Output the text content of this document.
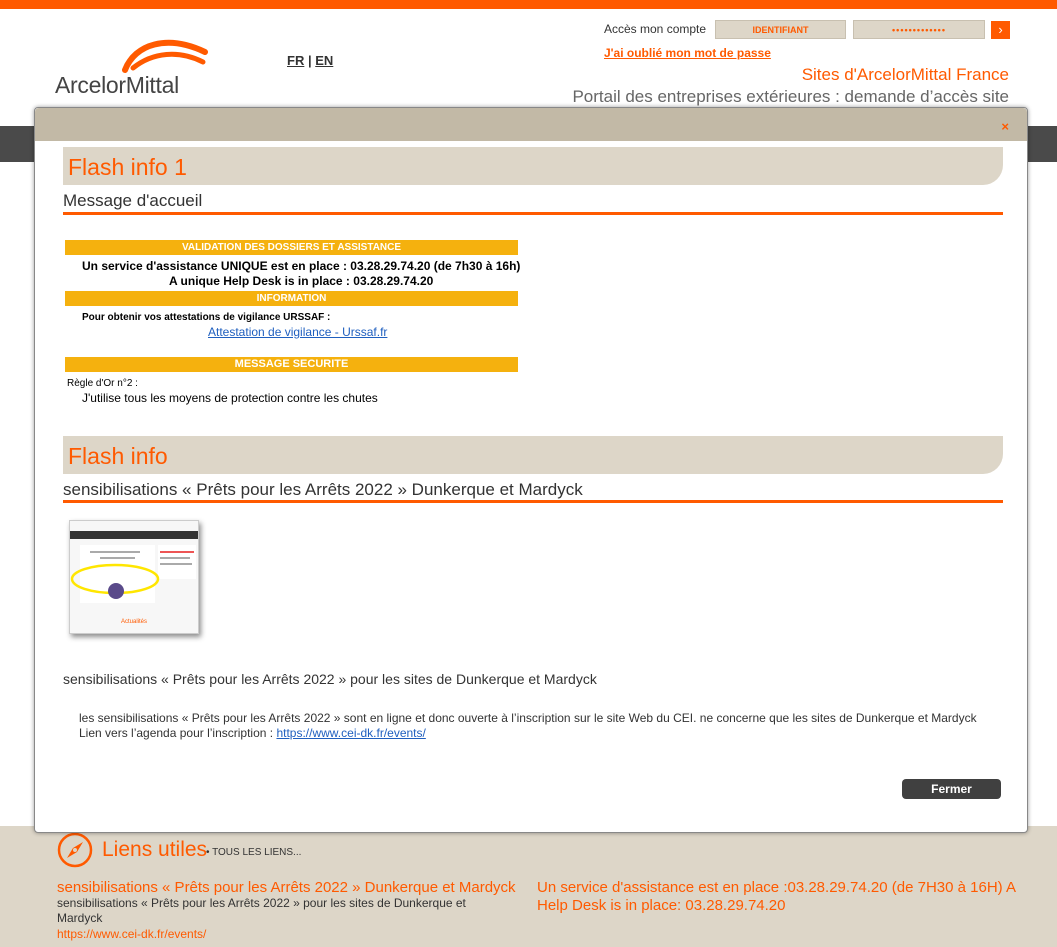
ArcelorMittal
FR | EN
Accès mon compte	IDENTIFIANT	•••••••••••••	›
J'ai oublié mon mot de passe
Sites d'ArcelorMittal France
Portail des entreprises extérieures : demande d’accès site
Liens utiles
• TOUS LES LIENS...
sensibilisations « Prêts pour les Arrêts 2022 » Dunkerque et Mardyck
sensibilisations « Prêts pour les Arrêts 2022 » pour les sites de Dunkerque et Mardyck
https://www.cei-dk.fr/events/
Un service d'assistance est en place :03.28.29.74.20 (de 7H30 à 16H) A Help Desk is in place: 03.28.29.74.20
×
Flash info 1
Message d'accueil
VALIDATION DES DOSSIERS ET ASSISTANCE
Un service d'assistance UNIQUE est en place : 03.28.29.74.20 (de 7h30 à 16h)
A unique Help Desk is in place : 03.28.29.74.20
INFORMATION
Pour obtenir vos attestations de vigilance URSSAF :
Attestation de vigilance - Urssaf.fr
MESSAGE SECURITE
Règle d'Or n°2 :
J'utilise tous les moyens de protection contre les chutes
Flash info
sensibilisations « Prêts pour les Arrêts 2022 » Dunkerque et Mardyck
Actualités
sensibilisations « Prêts pour les Arrêts 2022 » pour les sites de Dunkerque et Mardyck
les sensibilisations « Prêts pour les Arrêts 2022 » sont en ligne et donc ouverte à l’inscription sur le site Web du CEI. ne concerne que les sites de Dunkerque et Mardyck
Lien vers l’agenda pour l’inscription : https://www.cei-dk.fr/events/
Fermer
